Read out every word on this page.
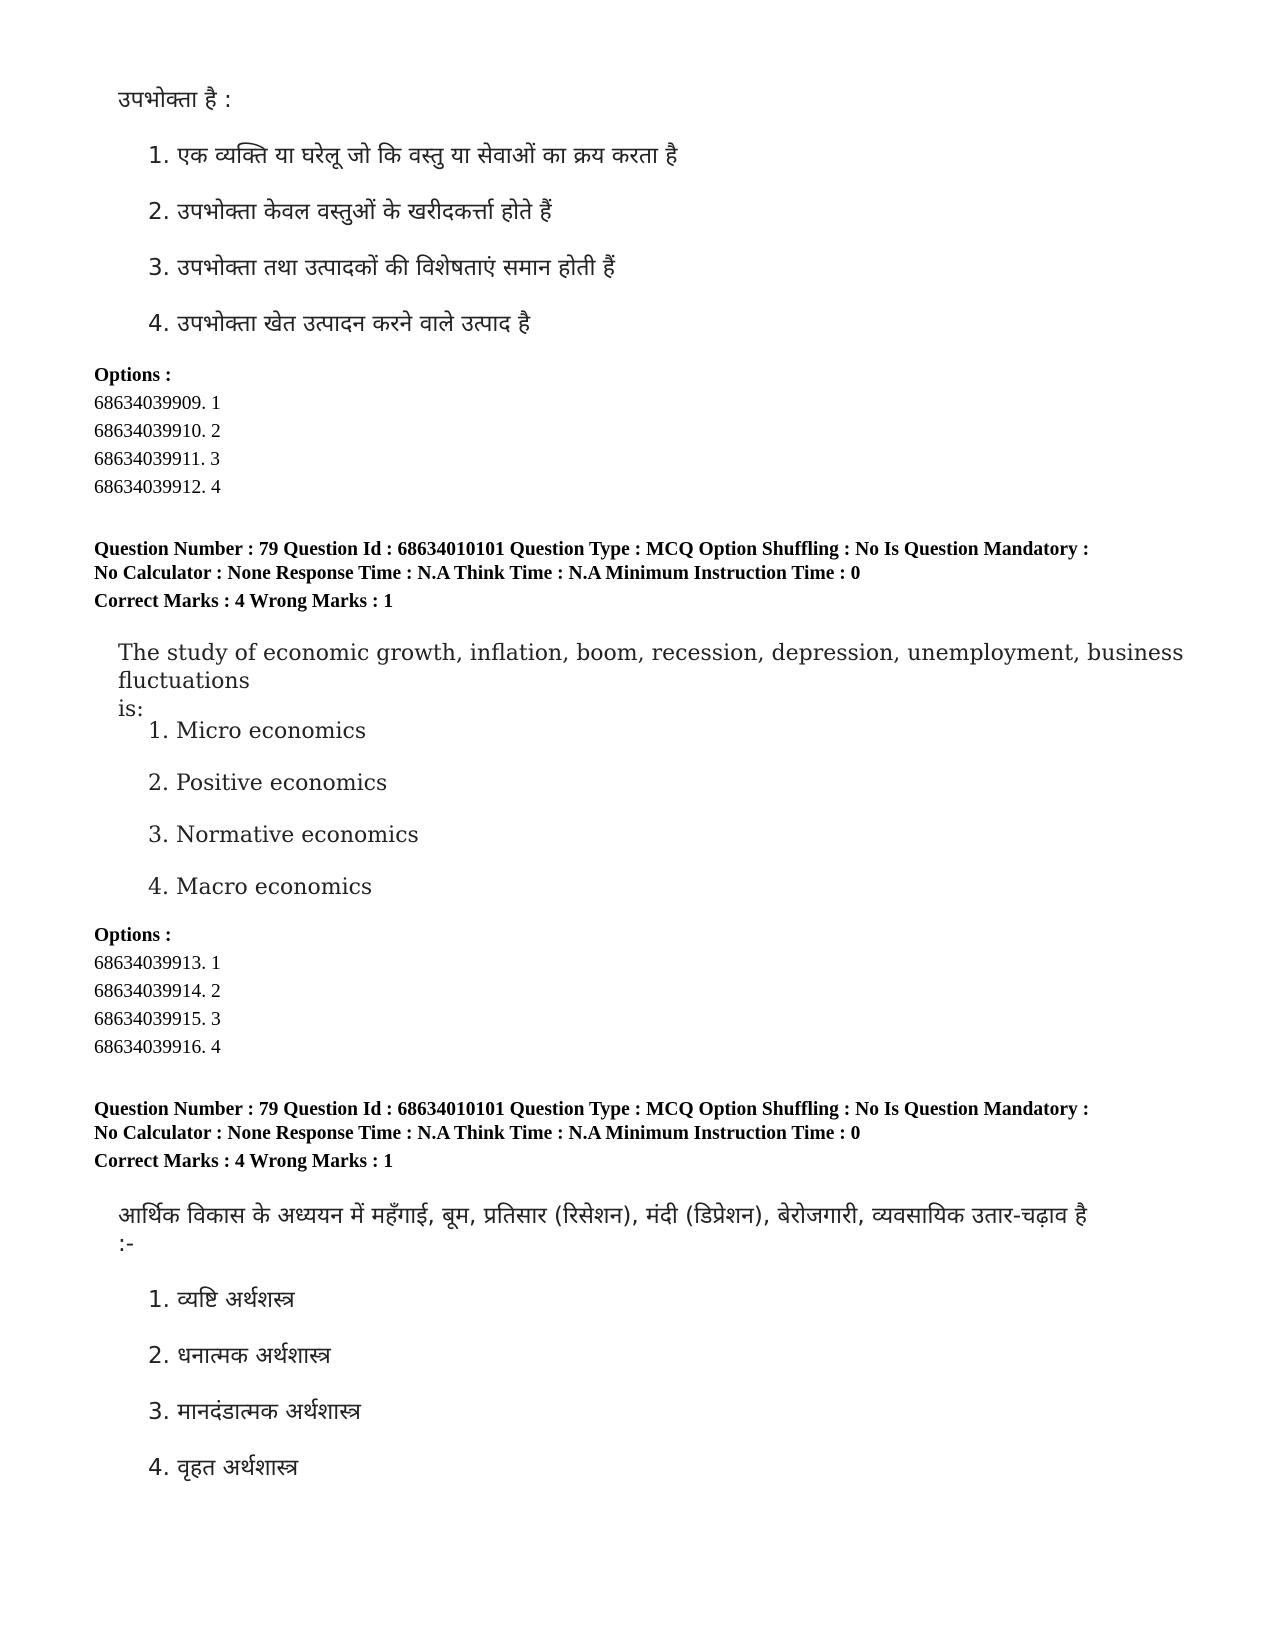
उपभोक्ता है :
1. एक व्यक्ति या घरेलू जो कि वस्तु या सेवाओं का क्रय करता है
2. उपभोक्ता केवल वस्तुओं के खरीदकर्त्ता होते हैं
3. उपभोक्ता तथा उत्पादकों की विशेषताएं समान होती हैं
4. उपभोक्ता खेत उत्पादन करने वाले उत्पाद है
Options :
68634039909. 1
68634039910. 2
68634039911. 3
68634039912. 4
Question Number : 79 Question Id : 68634010101 Question Type : MCQ Option Shuffling : No Is Question Mandatory :
No Calculator : None Response Time : N.A Think Time : N.A Minimum Instruction Time : 0
Correct Marks : 4 Wrong Marks : 1
The study of economic growth, inflation, boom, recession, depression, unemployment, business fluctuations
is:
1. Micro economics
2. Positive economics
3. Normative economics
4. Macro economics
Options :
68634039913. 1
68634039914. 2
68634039915. 3
68634039916. 4
Question Number : 79 Question Id : 68634010101 Question Type : MCQ Option Shuffling : No Is Question Mandatory :
No Calculator : None Response Time : N.A Think Time : N.A Minimum Instruction Time : 0
Correct Marks : 4 Wrong Marks : 1
आर्थिक विकास के अध्ययन में महँगाई, बूम, प्रतिसार (रिसेशन), मंदी (डिप्रेशन), बेरोजगारी, व्यवसायिक उतार-चढ़ाव है
:-
1. व्यष्टि अर्थशस्त्र
2. धनात्मक अर्थशास्त्र
3. मानदंडात्मक अर्थशास्त्र
4. वृहत अर्थशास्त्र
